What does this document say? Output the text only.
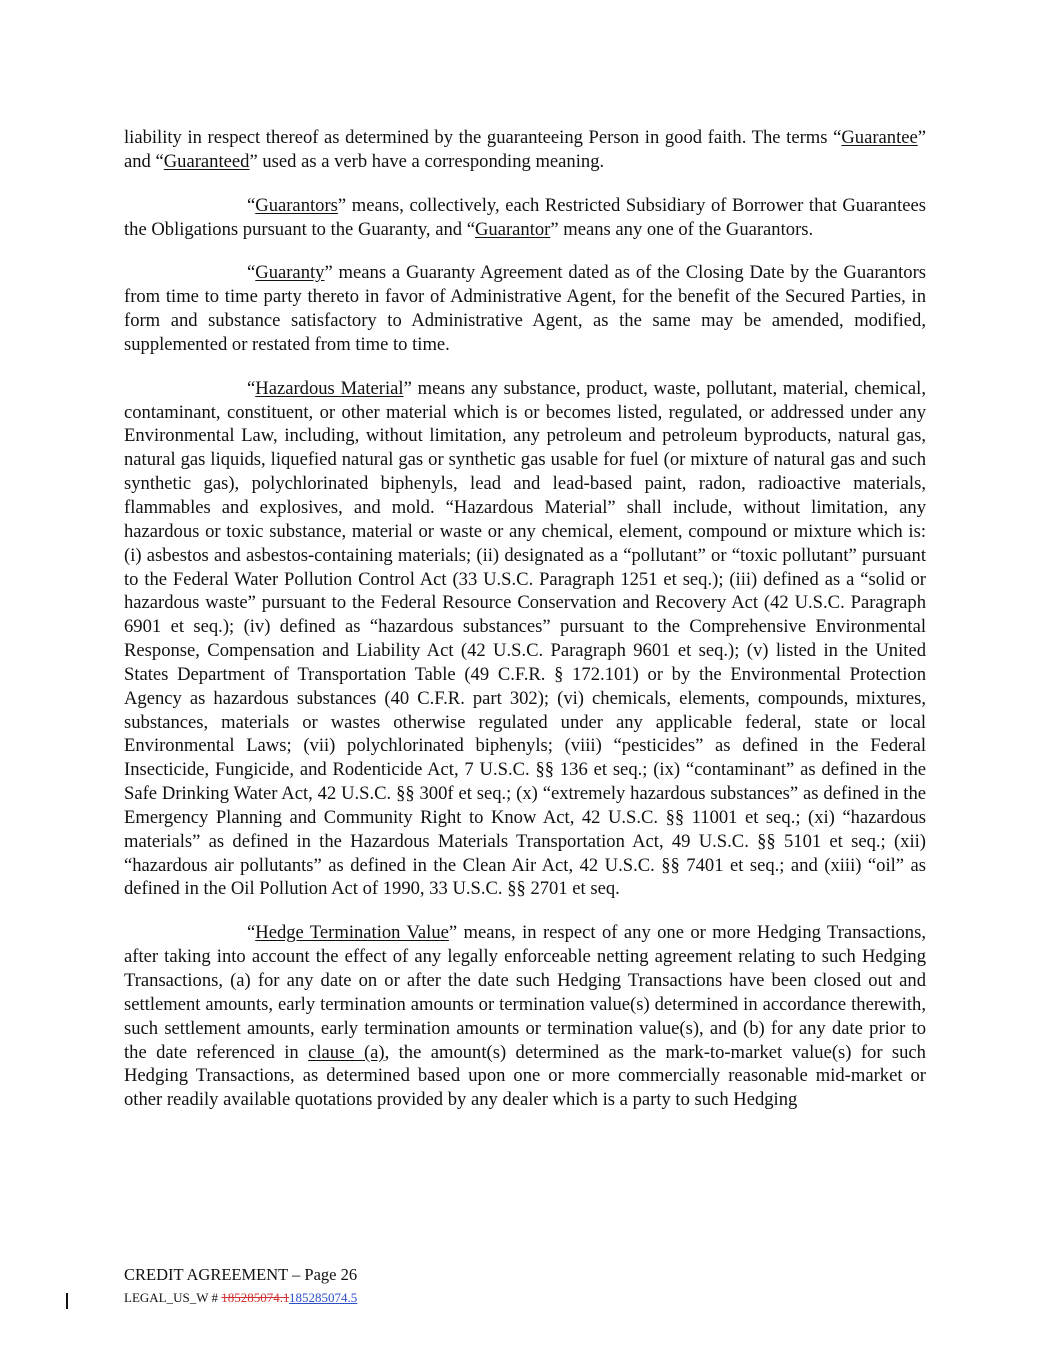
liability in respect thereof as determined by the guaranteeing Person in good faith. The terms “Guarantee” and “Guaranteed” used as a verb have a corresponding meaning.

“Guarantors” means, collectively, each Restricted Subsidiary of Borrower that Guarantees the Obligations pursuant to the Guaranty, and “Guarantor” means any one of the Guarantors.

“Guaranty” means a Guaranty Agreement dated as of the Closing Date by the Guarantors from time to time party thereto in favor of Administrative Agent, for the benefit of the Secured Parties, in form and substance satisfactory to Administrative Agent, as the same may be amended, modified, supplemented or restated from time to time.

“Hazardous Material” means any substance, product, waste, pollutant, material, chemical, contaminant, constituent, or other material which is or becomes listed, regulated, or addressed under any Environmental Law, including, without limitation, any petroleum and petroleum byproducts, natural gas, natural gas liquids, liquefied natural gas or synthetic gas usable for fuel (or mixture of natural gas and such synthetic gas), polychlorinated biphenyls, lead and lead-based paint, radon, radioactive materials, flammables and explosives, and mold. “Hazardous Material” shall include, without limitation, any hazardous or toxic substance, material or waste or any chemical, element, compound or mixture which is: (i) asbestos and asbestos-containing materials; (ii) designated as a “pollutant” or “toxic pollutant” pursuant to the Federal Water Pollution Control Act (33 U.S.C. Paragraph 1251 et seq.); (iii) defined as a “solid or hazardous waste” pursuant to the Federal Resource Conservation and Recovery Act (42 U.S.C. Paragraph 6901 et seq.); (iv) defined as “hazardous substances” pursuant to the Comprehensive Environmental Response, Compensation and Liability Act (42 U.S.C. Paragraph 9601 et seq.); (v) listed in the United States Department of Transportation Table (49 C.F.R. § 172.101) or by the Environmental Protection Agency as hazardous substances (40 C.F.R. part 302); (vi) chemicals, elements, compounds, mixtures, substances, materials or wastes otherwise regulated under any applicable federal, state or local Environmental Laws; (vii) polychlorinated biphenyls; (viii) “pesticides” as defined in the Federal Insecticide, Fungicide, and Rodenticide Act, 7 U.S.C. §§ 136 et seq.; (ix) “contaminant” as defined in the Safe Drinking Water Act, 42 U.S.C. §§ 300f et seq.; (x) “extremely hazardous substances” as defined in the Emergency Planning and Community Right to Know Act, 42 U.S.C. §§ 11001 et seq.; (xi) “hazardous materials” as defined in the Hazardous Materials Transportation Act, 49 U.S.C. §§ 5101 et seq.; (xii) “hazardous air pollutants” as defined in the Clean Air Act, 42 U.S.C. §§ 7401 et seq.; and (xiii) “oil” as defined in the Oil Pollution Act of 1990, 33 U.S.C. §§ 2701 et seq.

“Hedge Termination Value” means, in respect of any one or more Hedging Transactions, after taking into account the effect of any legally enforceable netting agreement relating to such Hedging Transactions, (a) for any date on or after the date such Hedging Transactions have been closed out and settlement amounts, early termination amounts or termination value(s) determined in accordance therewith, such settlement amounts, early termination amounts or termination value(s), and (b) for any date prior to the date referenced in clause (a), the amount(s) determined as the mark-to-market value(s) for such Hedging Transactions, as determined based upon one or more commercially reasonable mid-market or other readily available quotations provided by any dealer which is a party to such Hedging

CREDIT AGREEMENT – Page 26
LEGAL_US_W # 185285074.1185285074.5
